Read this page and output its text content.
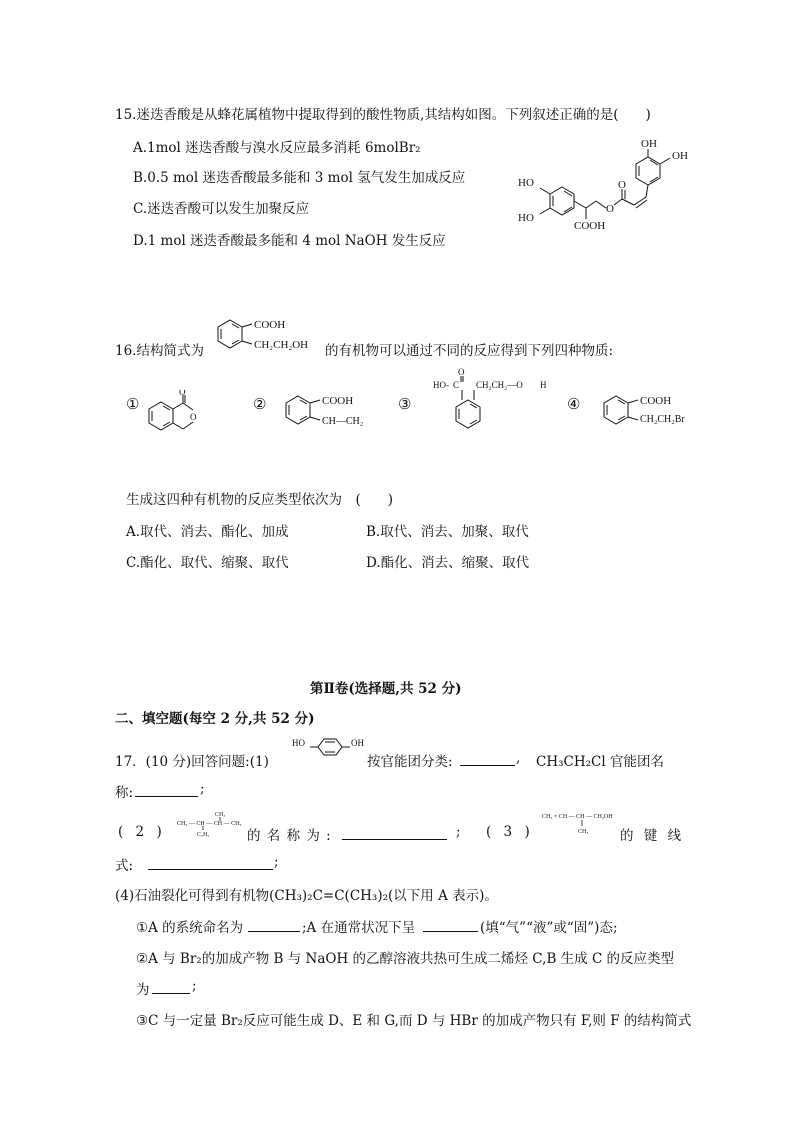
15.迷迭香酸是从蜂花属植物中提取得到的酸性物质,其结构如图。下列叙述正确的是(　　)
A.1mol 迷迭香酸与溴水反应最多消耗 6molBr₂
B.0.5 mol 迷迭香酸最多能和 3 mol 氢气发生加成反应
C.迷迭香酸可以发生加聚反应
D.1 mol 迷迭香酸最多能和 4 mol NaOH 发生反应
OH
OH
HO
HO
COOH
O
O
16.结构简式为
COOH
CH₂CH₂OH 的有机物可以通过不同的反应得到下列四种物质:
①
O
O
②	COOH
CH—CH₂
③
O
HO- C CH₂CH₂—O H
④	COOH
CH₂CH₂Br
生成这四种有机物的反应类型依次为　(　　)
A.取代、消去、酯化、加成	B.取代、消去、加聚、取代
C.酯化、取代、缩聚、取代	D.酯化、消去、缩聚、取代
第Ⅱ卷(选择题,共 52 分)
二、填空题(每空 2 分,共 52 分)
17．(10 分)回答问题:(1)
HO	OH
按官能团分类:	, CH₃CH₂Cl 官能团名
称:	;
( 2 )
CH₃
CH₃ — CH — CH — CH₃
C₂H₅	的 名 称 为 :	; ( 3 )
CH₂ = CH — CH — CH₂OH
CH₃ 的 键 线
式:	;
(4)石油裂化可得到有机物(CH₃)₂C=C(CH₃)₂(以下用 A 表示)。
①A 的系统命名为	;A 在通常状况下呈	(填“气”“液”或“固”)态;
②A 与 Br₂的加成产物 B 与 NaOH 的乙醇溶液共热可生成二烯烃 C,B 生成 C 的反应类型
为	;
③C 与一定量 Br₂反应可能生成 D、E 和 G,而 D 与 HBr 的加成产物只有 F,则 F 的结构简式
